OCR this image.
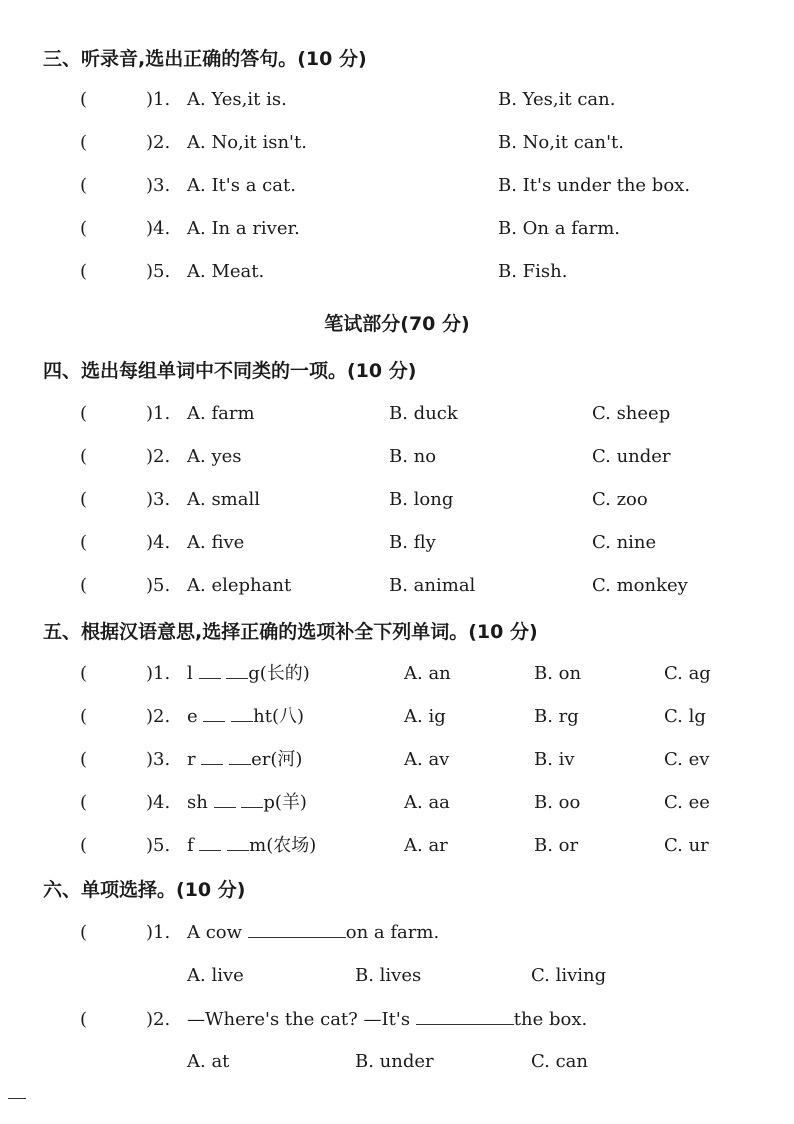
三、听录音,选出正确的答句。(10 分)
(	)1. A. Yes,it is.	B. Yes,it can.
(	)2. A. No,it isn't.	B. No,it can't.
(	)3. A. It's a cat.	B. It's under the box.
(	)4. A. In a river.	B. On a farm.
(	)5. A. Meat.	B. Fish.
笔试部分(70 分)
四、选出每组单词中不同类的一项。(10 分)
(	)1. A. farm	B. duck	C. sheep
(	)2. A. yes	B. no	C. under
(	)3. A. small	B. long	C. zoo
(	)4. A. five	B. fly	C. nine
(	)5. A. elephant	B. animal	C. monkey
五、根据汉语意思,选择正确的选项补全下列单词。(10 分)
(	)1. l	g(长的)	A. an	B. on	C. ag
(	)2. e	ht(八)	A. ig	B. rg	C. lg
(	)3. r	er(河)	A. av	B. iv	C. ev
(	)4. sh	p(羊)	A. aa	B. oo	C. ee
(	)5. f	m(农场)	A. ar	B. or	C. ur
六、单项选择。(10 分)
(	)1. A cow	on a farm.
A. live	B. lives	C. living
(	)2. —Where's the cat? —It's	the box.
A. at	B. under	C. can
